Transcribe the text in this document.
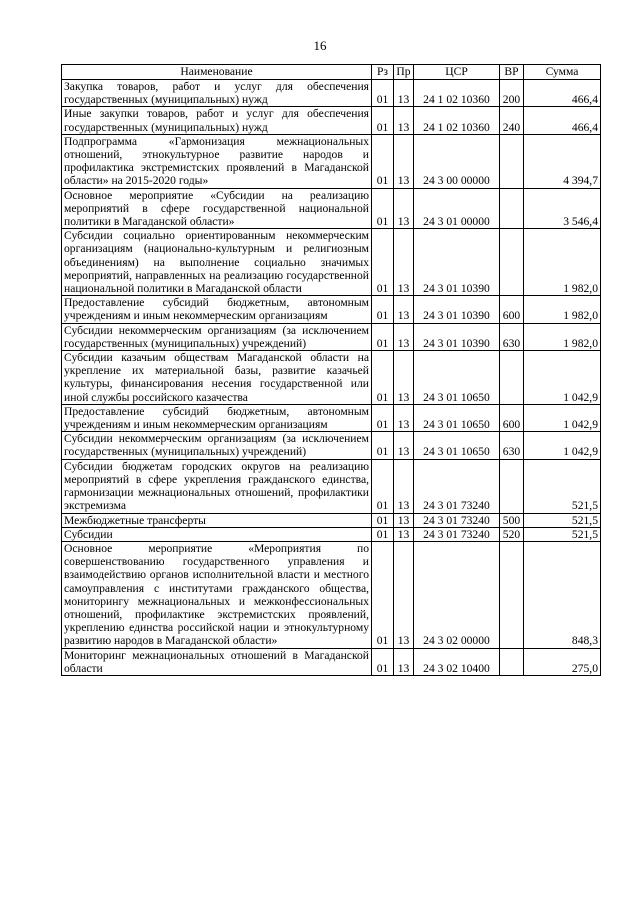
16
Наименование	Рз	Пр	ЦСР	ВР	Сумма
Закупка товаров, работ и услуг для обеспечения государственных (муниципальных) нужд	01	13	24 1 02 10360	200	466,4
Иные закупки товаров, работ и услуг для обеспечения государственных (муниципальных) нужд	01	13	24 1 02 10360	240	466,4
Подпрограмма «Гармонизация межнациональных отношений, этнокультурное развитие народов и профилактика экстремистских проявлений в Магаданской области» на 2015-2020 годы»	01	13	24 3 00 00000		4 394,7
Основное мероприятие «Субсидии на реализацию мероприятий в сфере государственной национальной политики в Магаданской области»	01	13	24 3 01 00000		3 546,4
Субсидии социально ориентированным некоммерческим организациям (национально-культурным и религиозным объединениям) на выполнение социально значимых мероприятий, направленных на реализацию государственной национальной политики в Магаданской области	01	13	24 3 01 10390		1 982,0
Предоставление субсидий бюджетным, автономным учреждениям и иным некоммерческим организациям	01	13	24 3 01 10390	600	1 982,0
Субсидии некоммерческим организациям (за исключением государственных (муниципальных) учреждений)	01	13	24 3 01 10390	630	1 982,0
Субсидии казачьим обществам Магаданской области на укрепление их материальной базы, развитие казачьей культуры, финансирования несения государственной или иной службы российского казачества	01	13	24 3 01 10650		1 042,9
Предоставление субсидий бюджетным, автономным учреждениям и иным некоммерческим организациям	01	13	24 3 01 10650	600	1 042,9
Субсидии некоммерческим организациям (за исключением государственных (муниципальных) учреждений)	01	13	24 3 01 10650	630	1 042,9
Субсидии бюджетам городских округов на реализацию мероприятий в сфере укрепления гражданского единства, гармонизации межнациональных отношений, профилактики экстремизма	01	13	24 3 01 73240		521,5
Межбюджетные трансферты	01	13	24 3 01 73240	500	521,5
Субсидии	01	13	24 3 01 73240	520	521,5
Основное мероприятие «Мероприятия по совершенствованию государственного управления и взаимодействию органов исполнительной власти и местного самоуправления с институтами гражданского общества, мониторингу межнациональных и межконфессиональных отношений, профилактике экстремистских проявлений, укреплению единства российской нации и этнокультурному развитию народов в Магаданской области»	01	13	24 3 02 00000		848,3
Мониторинг межнациональных отношений в Магаданской области	01	13	24 3 02 10400		275,0
